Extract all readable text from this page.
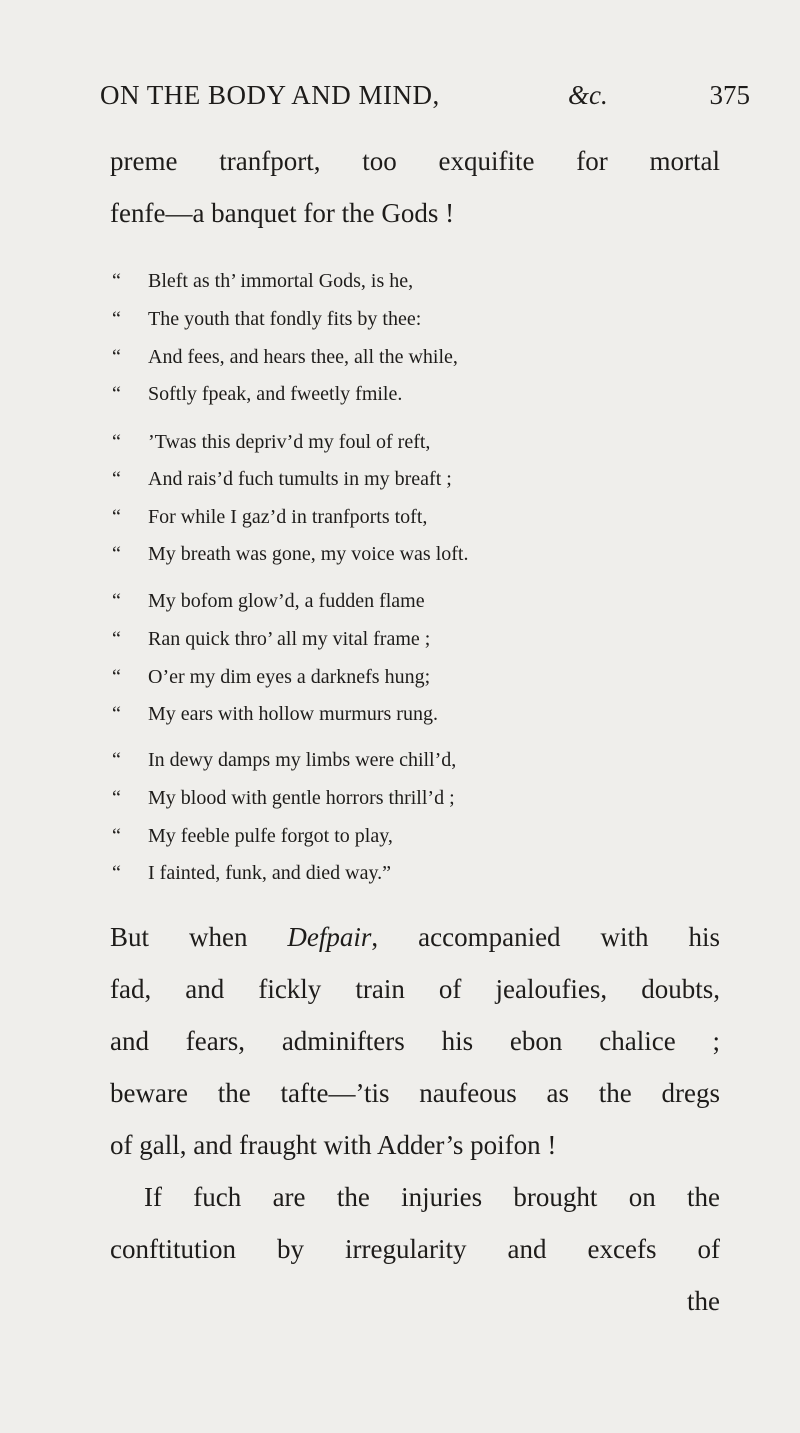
ON THE BODY AND MIND,	&c.	375
preme tranfport, too exquifite for mortal
fenfe—a banquet for the Gods !
“ Bleft as th’ immortal Gods, is he,
“ The youth that fondly fits by thee:
“ And fees, and hears thee, all the while,
“ Softly fpeak, and fweetly fmile.
“ ’Twas this depriv’d my foul of reft,
“ And rais’d fuch tumults in my breaft ;
“ For while I gaz’d in tranfports toft,
“ My breath was gone, my voice was loft.
“ My bofom glow’d, a fudden flame
“ Ran quick thro’ all my vital frame ;
“ O’er my dim eyes a darknefs hung;
“ My ears with hollow murmurs rung.
“ In dewy damps my limbs were chill’d,
“ My blood with gentle horrors thrill’d ;
“ My feeble pulfe forgot to play,
“ I fainted, funk, and died way.”
But when Defpair, accompanied with his
fad, and fickly train of jealoufies, doubts,
and fears, adminifters his ebon chalice ;
beware the tafte—’tis naufeous as the dregs
of gall, and fraught with Adder’s poifon !
If fuch are the injuries brought on the
conftitution by irregularity and excefs of
the
